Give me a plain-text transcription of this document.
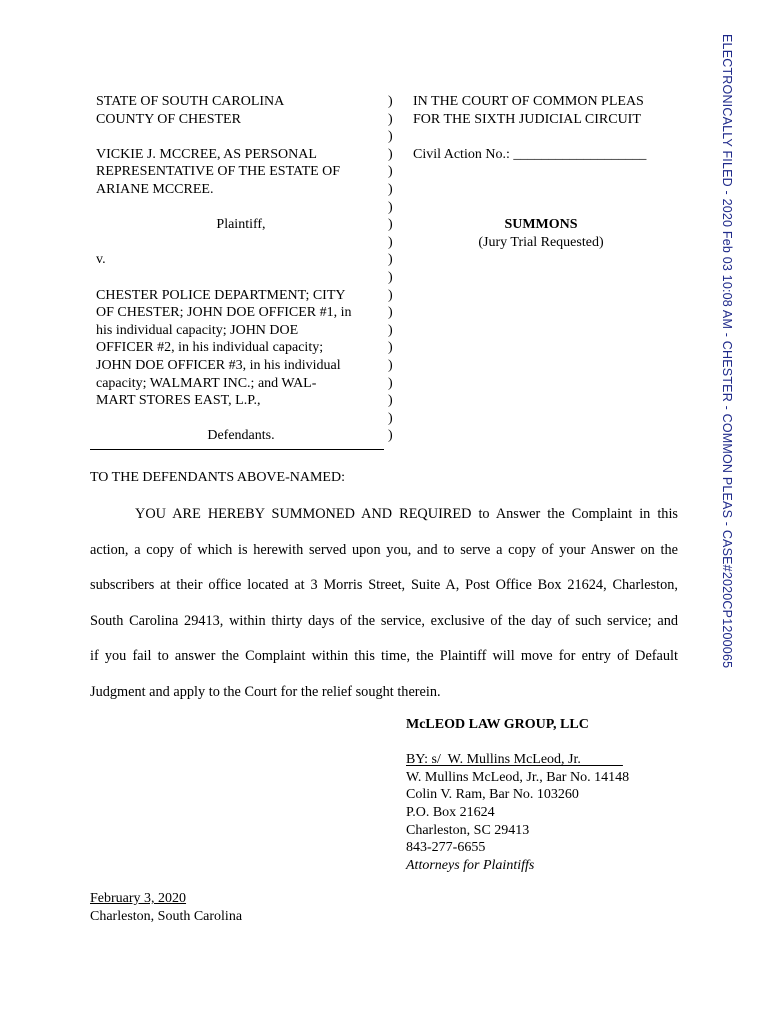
STATE OF SOUTH CAROLINA
COUNTY OF CHESTER

VICKIE J. MCCREE, AS PERSONAL
REPRESENTATIVE OF THE ESTATE OF
ARIANE MCCREE.

Plaintiff,

v.

CHESTER POLICE DEPARTMENT; CITY
OF CHESTER; JOHN DOE OFFICER #1, in
his individual capacity; JOHN DOE
OFFICER #2, in his individual capacity;
JOHN DOE OFFICER #3, in his individual
capacity; WALMART INC.; and WAL-
MART STORES EAST, L.P.,

Defendants.
)
)
)
)
)
)
)
)
)
)
)
)
)
)
)
)
)
)
)
)
IN THE COURT OF COMMON PLEAS
FOR THE SIXTH JUDICIAL CIRCUIT

Civil Action No.: ___________________

SUMMONS
(Jury Trial Requested)
TO THE DEFENDANTS ABOVE-NAMED:
YOU ARE HEREBY SUMMONED AND REQUIRED to Answer the Complaint in this
action, a copy of which is herewith served upon you, and to serve a copy of your Answer on the
subscribers at their office located at 3 Morris Street, Suite A, Post Office Box 21624, Charleston,
South Carolina 29413, within thirty days of the service, exclusive of the day of such service; and
if you fail to answer the Complaint within this time, the Plaintiff will move for entry of Default
Judgment and apply to the Court for the relief sought therein.
McLEOD LAW GROUP, LLC

BY: s/  W. Mullins McLeod, Jr.
W. Mullins McLeod, Jr., Bar No. 14148
Colin V. Ram, Bar No. 103260
P.O. Box 21624
Charleston, SC 29413
843-277-6655
Attorneys for Plaintiffs
February 3, 2020
Charleston, South Carolina
ELECTRONICALLY FILED - 2020 Feb 03 10:08 AM - CHESTER - COMMON PLEAS - CASE#2020CP1200065
